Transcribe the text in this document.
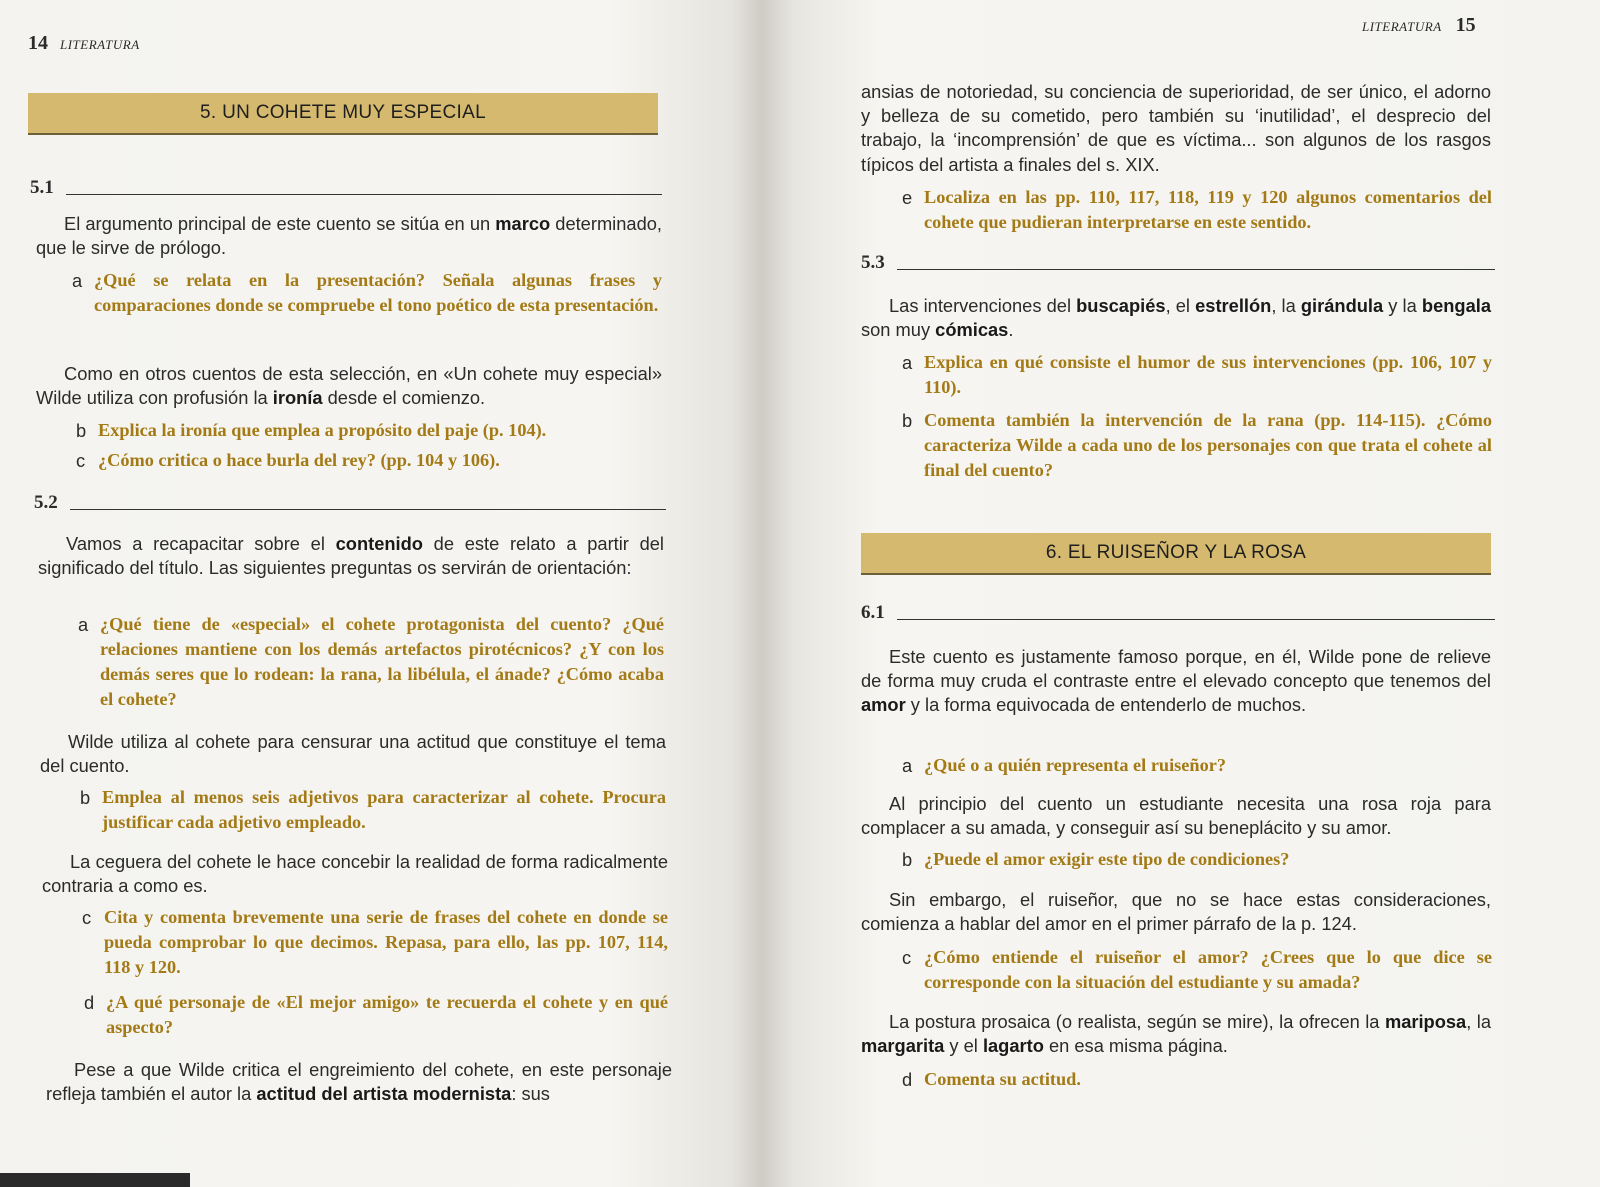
14 LITERATURA
5. UN COHETE MUY ESPECIAL
5.1

El argumento principal de este cuento se sitúa en un marco determinado, que le sirve de prólogo.

a ¿Qué se relata en la presentación? Señala algunas frases y comparaciones donde se compruebe el tono poético de esta presentación.

Como en otros cuentos de esta selección, en «Un cohete muy especial» Wilde utiliza con profusión la ironía desde el comienzo.

b Explica la ironía que emplea a propósito del paje (p. 104).
c ¿Cómo critica o hace burla del rey? (pp. 104 y 106).
5.2

Vamos a recapacitar sobre el contenido de este relato a partir del significado del título. Las siguientes preguntas os servirán de orientación:

a ¿Qué tiene de «especial» el cohete protagonista del cuento? ¿Qué relaciones mantiene con los demás artefactos pirotécnicos? ¿Y con los demás seres que lo rodean: la rana, la libélula, el ánade? ¿Cómo acaba el cohete?

Wilde utiliza al cohete para censurar una actitud que constituye el tema del cuento.

b Emplea al menos seis adjetivos para caracterizar al cohete. Procura justificar cada adjetivo empleado.

La ceguera del cohete le hace concebir la realidad de forma radicalmente contraria a como es.

c Cita y comenta brevemente una serie de frases del cohete en donde se pueda comprobar lo que decimos. Repasa, para ello, las pp. 107, 114, 118 y 120.
d ¿A qué personaje de «El mejor amigo» te recuerda el cohete y en qué aspecto?

Pese a que Wilde critica el engreimiento del cohete, en este personaje refleja también el autor la actitud del artista modernista: sus

LITERATURA 15

ansias de notoriedad, su conciencia de superioridad, de ser único, el adorno y belleza de su cometido, pero también su ‘inutilidad’, el desprecio del trabajo, la ‘incomprensión’ de que es víctima... son algunos de los rasgos típicos del artista a finales del s. XIX.

e Localiza en las pp. 110, 117, 118, 119 y 120 algunos comentarios del cohete que pudieran interpretarse en este sentido.
5.3

Las intervenciones del buscapiés, el estrellón, la girándula y la bengala son muy cómicas.

a Explica en qué consiste el humor de sus intervenciones (pp. 106, 107 y 110).
b Comenta también la intervención de la rana (pp. 114-115). ¿Cómo caracteriza Wilde a cada uno de los personajes con que trata el cohete al final del cuento?
6. EL RUISEÑOR Y LA ROSA
6.1

Este cuento es justamente famoso porque, en él, Wilde pone de relieve de forma muy cruda el contraste entre el elevado concepto que tenemos del amor y la forma equivocada de entenderlo de muchos.

a ¿Qué o a quién representa el ruiseñor?

Al principio del cuento un estudiante necesita una rosa roja para complacer a su amada, y conseguir así su beneplácito y su amor.

b ¿Puede el amor exigir este tipo de condiciones?

Sin embargo, el ruiseñor, que no se hace estas consideraciones, comienza a hablar del amor en el primer párrafo de la p. 124.

c ¿Cómo entiende el ruiseñor el amor? ¿Crees que lo que dice se corresponde con la situación del estudiante y su amada?

La postura prosaica (o realista, según se mire), la ofrecen la mariposa, la margarita y el lagarto en esa misma página.

d Comenta su actitud.
